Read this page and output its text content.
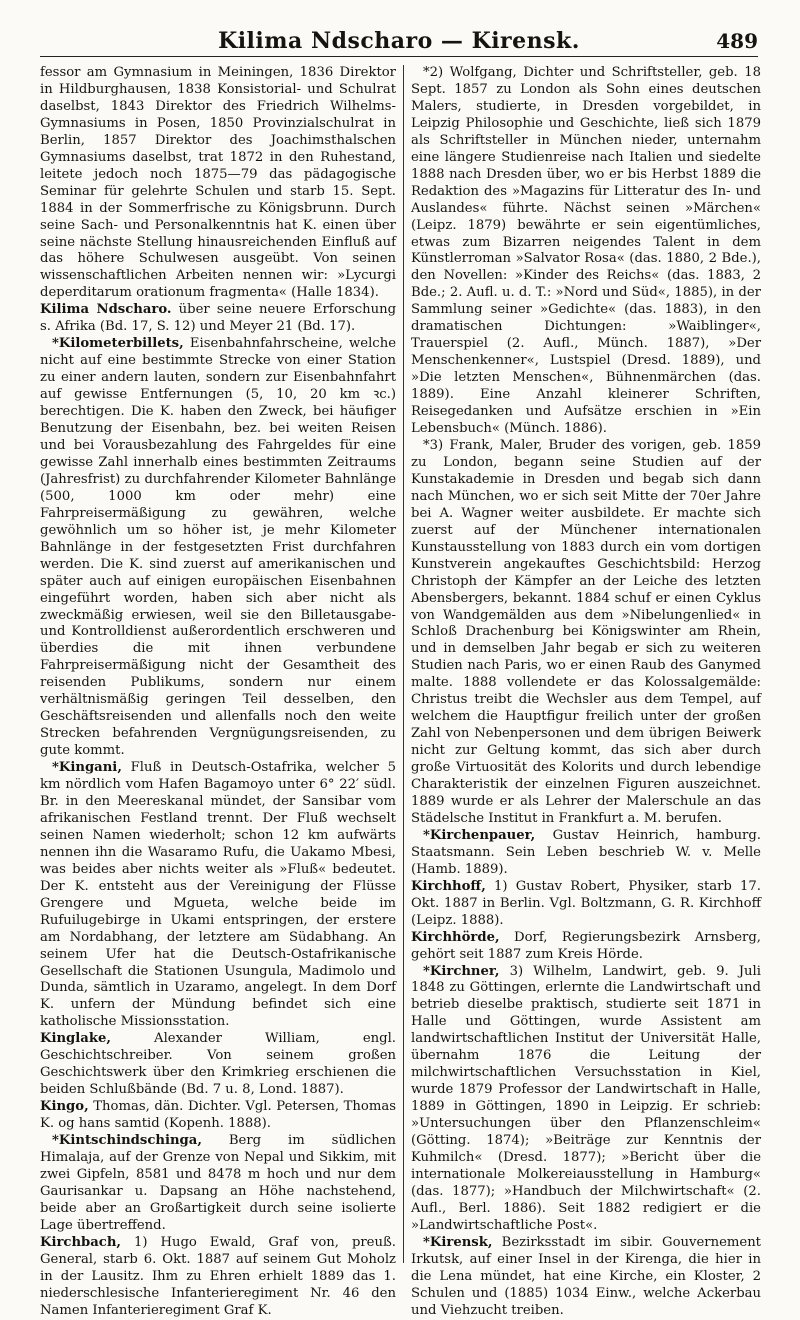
Kilima Ndscharo — Kirensk.	489

fessor am Gymnasium in Meiningen, 1836 Direktor in Hildburghausen, 1838 Konsistorial- und Schulrat daselbst, 1843 Direktor des Friedrich Wilhelms-Gymnasiums in Posen, 1850 Provinzialschulrat in Berlin, 1857 Direktor des Joachimsthalschen Gymnasiums daselbst, trat 1872 in den Ruhestand, leitete jedoch noch 1875—79 das pädagogische Seminar für gelehrte Schulen und starb 15. Sept. 1884 in der Sommerfrische zu Königsbrunn. Durch seine Sach- und Personalkenntnis hat K. einen über seine nächste Stellung hinausreichenden Einfluß auf das höhere Schulwesen ausgeübt. Von seinen wissenschaftlichen Arbeiten nennen wir: »Lycurgi deperditarum orationum fragmenta« (Halle 1834).

Kilima Ndscharo. über seine neuere Erforschung s. Afrika (Bd. 17, S. 12) und Meyer 21 (Bd. 17).

*Kilometerbillets, Eisenbahnfahrscheine, welche nicht auf eine bestimmte Strecke von einer Station zu einer andern lauten, sondern zur Eisenbahnfahrt auf gewisse Entfernungen (5, 10, 20 km ꝛc.) berechtigen. Die K. haben den Zweck, bei häufiger Benutzung der Eisenbahn, bez. bei weiten Reisen und bei Vorausbezahlung des Fahrgeldes für eine gewisse Zahl innerhalb eines bestimmten Zeitraums (Jahresfrist) zu durchfahrender Kilometer Bahnlänge (500, 1000 km oder mehr) eine Fahrpreisermäßigung zu gewähren, welche gewöhnlich um so höher ist, je mehr Kilometer Bahnlänge in der festgesetzten Frist durchfahren werden. Die K. sind zuerst auf amerikanischen und später auch auf einigen europäischen Eisenbahnen eingeführt worden, haben sich aber nicht als zweckmäßig erwiesen, weil sie den Billetausgabe- und Kontrolldienst außerordentlich erschweren und überdies die mit ihnen verbundene Fahrpreisermäßigung nicht der Gesamtheit des reisenden Publikums, sondern nur einem verhältnismäßig geringen Teil desselben, den Geschäftsreisenden und allenfalls noch den weite Strecken befahrenden Vergnügungsreisenden, zu gute kommt.

*Kingani, Fluß in Deutsch-Ostafrika, welcher 5 km nördlich vom Hafen Bagamoyo unter 6° 22′ südl. Br. in den Meereskanal mündet, der Sansibar vom afrikanischen Festland trennt. Der Fluß wechselt seinen Namen wiederholt; schon 12 km aufwärts nennen ihn die Wasaramo Rufu, die Uakamo Mbesi, was beides aber nichts weiter als »Fluß« bedeutet. Der K. entsteht aus der Vereinigung der Flüsse Grengere und Mgueta, welche beide im Rufuilugebirge in Ukami entspringen, der erstere am Nordabhang, der letztere am Südabhang. An seinem Ufer hat die Deutsch-Ostafrikanische Gesellschaft die Stationen Usungula, Madimolo und Dunda, sämtlich in Uzaramo, angelegt. In dem Dorf K. unfern der Mündung befindet sich eine katholische Missionsstation.

Kinglake, Alexander William, engl. Geschichtschreiber. Von seinem großen Geschichtswerk über den Krimkrieg erschienen die beiden Schlußbände (Bd. 7 u. 8, Lond. 1887).

Kingo, Thomas, dän. Dichter. Vgl. Petersen, Thomas K. og hans samtid (Kopenh. 1888).

*Kintschindschinga, Berg im südlichen Himalaja, auf der Grenze von Nepal und Sikkim, mit zwei Gipfeln, 8581 und 8478 m hoch und nur dem Gaurisankar u. Dapsang an Höhe nachstehend, beide aber an Großartigkeit durch seine isolierte Lage übertreffend.

Kirchbach, 1) Hugo Ewald, Graf von, preuß. General, starb 6. Okt. 1887 auf seinem Gut Moholz in der Lausitz. Ihm zu Ehren erhielt 1889 das 1. niederschlesische Infanterieregiment Nr. 46 den Namen Infanterieregiment Graf K.

*2) Wolfgang, Dichter und Schriftsteller, geb. 18 Sept. 1857 zu London als Sohn eines deutschen Malers, studierte, in Dresden vorgebildet, in Leipzig Philosophie und Geschichte, ließ sich 1879 als Schriftsteller in München nieder, unternahm eine längere Studienreise nach Italien und siedelte 1888 nach Dresden über, wo er bis Herbst 1889 die Redaktion des »Magazins für Litteratur des In- und Auslandes« führte. Nächst seinen »Märchen« (Leipz. 1879) bewährte er sein eigentümliches, etwas zum Bizarren neigendes Talent in dem Künstlerroman »Salvator Rosa« (das. 1880, 2 Bde.), den Novellen: »Kinder des Reichs« (das. 1883, 2 Bde.; 2. Aufl. u. d. T.: »Nord und Süd«, 1885), in der Sammlung seiner »Gedichte« (das. 1883), in den dramatischen Dichtungen: »Waiblinger«, Trauerspiel (2. Aufl., Münch. 1887), »Der Menschenkenner«, Lustspiel (Dresd. 1889), und »Die letzten Menschen«, Bühnenmärchen (das. 1889). Eine Anzahl kleinerer Schriften, Reisegedanken und Aufsätze erschien in »Ein Lebensbuch« (Münch. 1886).

*3) Frank, Maler, Bruder des vorigen, geb. 1859 zu London, begann seine Studien auf der Kunstakademie in Dresden und begab sich dann nach München, wo er sich seit Mitte der 70er Jahre bei A. Wagner weiter ausbildete. Er machte sich zuerst auf der Münchener internationalen Kunstausstellung von 1883 durch ein vom dortigen Kunstverein angekauftes Geschichtsbild: Herzog Christoph der Kämpfer an der Leiche des letzten Abensbergers, bekannt. 1884 schuf er einen Cyklus von Wandgemälden aus dem »Nibelungenlied« in Schloß Drachenburg bei Königswinter am Rhein, und in demselben Jahr begab er sich zu weiteren Studien nach Paris, wo er einen Raub des Ganymed malte. 1888 vollendete er das Kolossalgemälde: Christus treibt die Wechsler aus dem Tempel, auf welchem die Hauptfigur freilich unter der großen Zahl von Nebenpersonen und dem übrigen Beiwerk nicht zur Geltung kommt, das sich aber durch große Virtuosität des Kolorits und durch lebendige Charakteristik der einzelnen Figuren auszeichnet. 1889 wurde er als Lehrer der Malerschule an das Städelsche Institut in Frankfurt a. M. berufen.

*Kirchenpauer, Gustav Heinrich, hamburg. Staatsmann. Sein Leben beschrieb W. v. Melle (Hamb. 1889).

Kirchhoff, 1) Gustav Robert, Physiker, starb 17. Okt. 1887 in Berlin. Vgl. Boltzmann, G. R. Kirchhoff (Leipz. 1888).

Kirchhörde, Dorf, Regierungsbezirk Arnsberg, gehört seit 1887 zum Kreis Hörde.

*Kirchner, 3) Wilhelm, Landwirt, geb. 9. Juli 1848 zu Göttingen, erlernte die Landwirtschaft und betrieb dieselbe praktisch, studierte seit 1871 in Halle und Göttingen, wurde Assistent am landwirtschaftlichen Institut der Universität Halle, übernahm 1876 die Leitung der milchwirtschaftlichen Versuchsstation in Kiel, wurde 1879 Professor der Landwirtschaft in Halle, 1889 in Göttingen, 1890 in Leipzig. Er schrieb: »Untersuchungen über den Pflanzenschleim« (Götting. 1874); »Beiträge zur Kenntnis der Kuhmilch« (Dresd. 1877); »Bericht über die internationale Molkereiausstellung in Hamburg« (das. 1877); »Handbuch der Milchwirtschaft« (2. Aufl., Berl. 1886). Seit 1882 redigiert er die »Landwirtschaftliche Post«.

*Kirensk, Bezirksstadt im sibir. Gouvernement Irkutsk, auf einer Insel in der Kirenga, die hier in die Lena mündet, hat eine Kirche, ein Kloster, 2 Schulen und (1885) 1034 Einw., welche Ackerbau und Viehzucht treiben.
